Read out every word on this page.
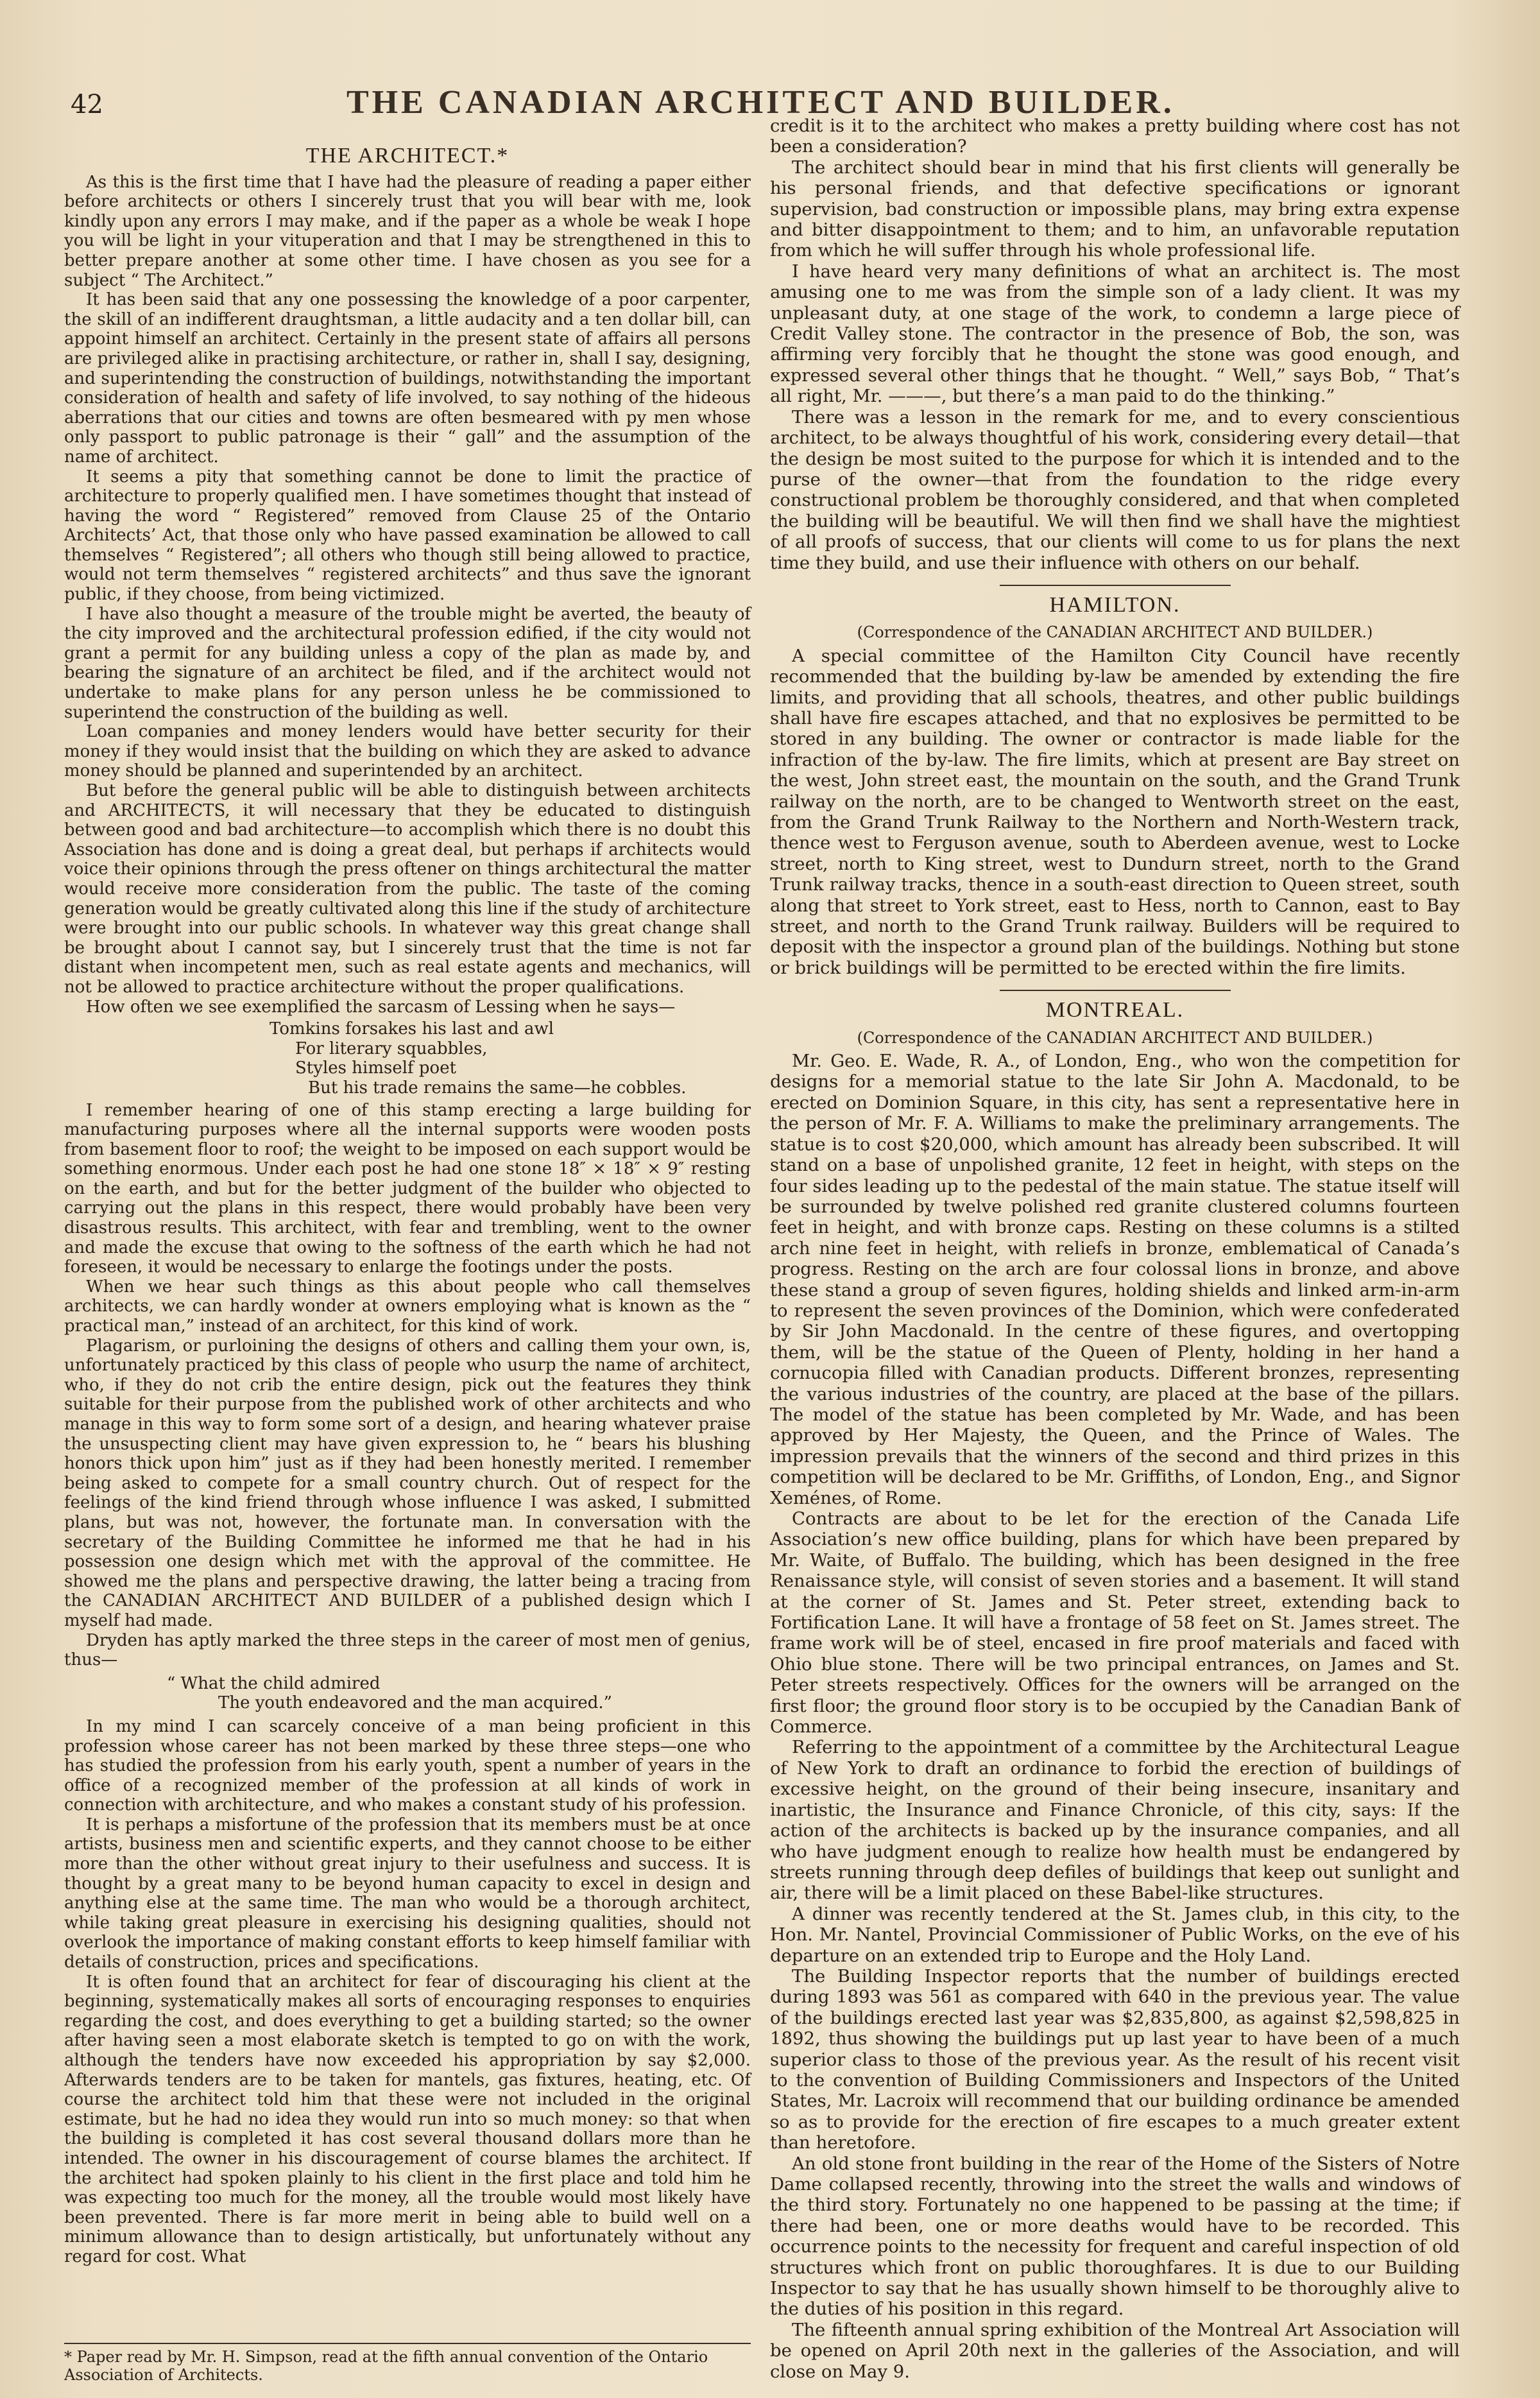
42	THE CANADIAN ARCHITECT AND BUILDER.
THE ARCHITECT.*

As this is the first time that I have had the pleasure of reading a paper either before architects or others I sincerely trust that you will bear with me, look kindly upon any errors I may make, and if the paper as a whole be weak I hope you will be light in your vituperation and that I may be strengthened in this to better prepare another at some other time. I have chosen as you see for a subject “ The Architect.”

It has been said that any one possessing the knowledge of a poor carpenter, the skill of an indifferent draughtsman, a little audacity and a ten dollar bill, can appoint himself an architect. Certainly in the present state of affairs all persons are privileged alike in practising architecture, or rather in, shall I say, designing, and superintending the construction of buildings, notwithstanding the important consideration of health and safety of life involved, to say nothing of the hideous aberrations that our cities and towns are often besmeared with py men whose only passport to public patronage is their “ gall” and the assumption of the name of architect.

It seems a pity that something cannot be done to limit the practice of architecture to properly qualified men. I have sometimes thought that instead of having the word “ Registered” removed from Clause 25 of the Ontario Architects’ Act, that those only who have passed examination be allowed to call themselves “ Registered”; all others who though still being allowed to practice, would not term themselves “ registered architects” and thus save the ignorant public, if they choose, from being victimized.

I have also thought a measure of the trouble might be averted, the beauty of the city improved and the architectural profession edified, if the city would not grant a permit for any building unless a copy of the plan as made by, and bearing the signature of an architect be filed, and if the architect would not undertake to make plans for any person unless he be commissioned to superintend the construction of the building as well.

Loan companies and money lenders would have better security for their money if they would insist that the building on which they are asked to advance money should be planned and superintended by an architect.

But before the general public will be able to distinguish between architects and ARCHITECTS, it will necessary that they be educated to distinguish between good and bad architecture—to accomplish which there is no doubt this Association has done and is doing a great deal, but perhaps if architects would voice their opinions through the press oftener on things architectural the matter would receive more consideration from the public. The taste of the coming generation would be greatly cultivated along this line if the study of architecture were brought into our public schools. In whatever way this great change shall be brought about I cannot say, but I sincerely trust that the time is not far distant when incompetent men, such as real estate agents and mechanics, will not be allowed to practice architecture without the proper qualifications.

How often we see exemplified the sarcasm of Lessing when he says—

Tomkins forsakes his last and awl
For literary squabbles,
Styles himself poet
But his trade remains the same—he cobbles.

I remember hearing of one of this stamp erecting a large building for manufacturing purposes where all the internal supports were wooden posts from basement floor to roof; the weight to be imposed on each support would be something enormous. Under each post he had one stone 18″ × 18″ × 9″ resting on the earth, and but for the better judgment of the builder who objected to carrying out the plans in this respect, there would probably have been very disastrous results. This architect, with fear and trembling, went to the owner and made the excuse that owing to the softness of the earth which he had not foreseen, it would be necessary to enlarge the footings under the posts.

When we hear such things as this about people who call themselves architects, we can hardly wonder at owners employing what is known as the “ practical man,” instead of an architect, for this kind of work.

Plagarism, or purloining the designs of others and calling them your own, is, unfortunately practiced by this class of people who usurp the name of architect, who, if they do not crib the entire design, pick out the features they think suitable for their purpose from the published work of other architects and who manage in this way to form some sort of a design, and hearing whatever praise the unsuspecting client may have given expression to, he “ bears his blushing honors thick upon him” just as if they had been honestly merited. I remember being asked to compete for a small country church. Out of respect for the feelings of the kind friend through whose influence I was asked, I submitted plans, but was not, however, the fortunate man. In conversation with the secretary of the Building Committee he informed me that he had in his possession one design which met with the approval of the committee. He showed me the plans and perspective drawing, the latter being a tracing from the CANADIAN ARCHITECT AND BUILDER of a published design which I myself had made.

Dryden has aptly marked the three steps in the career of most men of genius, thus—

“ What the child admired
The youth endeavored and the man acquired.”

In my mind I can scarcely conceive of a man being proficient in this profession whose career has not been marked by these three steps—one who has studied the profession from his early youth, spent a number of years in the office of a recognized member of the profession at all kinds of work in connection with architecture, and who makes a constant study of his profession.

It is perhaps a misfortune of the profession that its members must be at once artists, business men and scientific experts, and they cannot choose to be either more than the other without great injury to their usefulness and success. It is thought by a great many to be beyond human capacity to excel in design and anything else at the same time. The man who would be a thorough architect, while taking great pleasure in exercising his designing qualities, should not overlook the importance of making constant efforts to keep himself familiar with details of construction, prices and specifications.

It is often found that an architect for fear of discouraging his client at the beginning, systematically makes all sorts of encouraging responses to enquiries regarding the cost, and does everything to get a building started; so the owner after having seen a most elaborate sketch is tempted to go on with the work, although the tenders have now exceeded his appropriation by say $2,000. Afterwards tenders are to be taken for mantels, gas fixtures, heating, etc. Of course the architect told him that these were not included in the original estimate, but he had no idea they would run into so much money: so that when the building is completed it has cost several thousand dollars more than he intended. The owner in his discouragement of course blames the architect. If the architect had spoken plainly to his client in the first place and told him he was expecting too much for the money, all the trouble would most likely have been prevented. There is far more merit in being able to build well on a minimum allowance than to design artistically, but unfortunately without any regard for cost. What

* Paper read by Mr. H. Simpson, read at the fifth annual convention of the Ontario Association of Architects.

credit is it to the architect who makes a pretty building where cost has not been a consideration?

The architect should bear in mind that his first clients will generally be his personal friends, and that defective specifications or ignorant supervision, bad construction or impossible plans, may bring extra expense and bitter disappointment to them; and to him, an unfavorable reputation from which he will suffer through his whole professional life.

I have heard very many definitions of what an architect is. The most amusing one to me was from the simple son of a lady client. It was my unpleasant duty, at one stage of the work, to condemn a large piece of Credit Valley stone. The contractor in the presence of Bob, the son, was affirming very forcibly that he thought the stone was good enough, and expressed several other things that he thought. “ Well,” says Bob, “ That’s all right, Mr. ———, but there’s a man paid to do the thinking.”

There was a lesson in the remark for me, and to every conscientious architect, to be always thoughtful of his work, considering every detail—that the design be most suited to the purpose for which it is intended and to the purse of the owner—that from the foundation to the ridge every constructional problem be thoroughly considered, and that when completed the building will be beautiful. We will then find we shall have the mightiest of all proofs of success, that our clients will come to us for plans the next time they build, and use their influence with others on our behalf.

HAMILTON.
(Correspondence of the CANADIAN ARCHITECT AND BUILDER.)

A special committee of the Hamilton City Council have recently recommended that the building by-law be amended by extending the fire limits, and providing that all schools, theatres, and other public buildings shall have fire escapes attached, and that no explosives be permitted to be stored in any building. The owner or contractor is made liable for the infraction of the by-law. The fire limits, which at present are Bay street on the west, John street east, the mountain on the south, and the Grand Trunk railway on the north, are to be changed to Wentworth street on the east, from the Grand Trunk Railway to the Northern and North-Western track, thence west to Ferguson avenue, south to Aberdeen avenue, west to Locke street, north to King street, west to Dundurn street, north to the Grand Trunk railway tracks, thence in a south-east direction to Queen street, south along that street to York street, east to Hess, north to Cannon, east to Bay street, and north to the Grand Trunk railway. Builders will be required to deposit with the inspector a ground plan of the buildings. Nothing but stone or brick buildings will be permitted to be erected within the fire limits.

MONTREAL.
(Correspondence of the CANADIAN ARCHITECT AND BUILDER.)

Mr. Geo. E. Wade, R. A., of London, Eng., who won the competition for designs for a memorial statue to the late Sir John A. Macdonald, to be erected on Dominion Square, in this city, has sent a representative here in the person of Mr. F. A. Williams to make the preliminary arrangements. The statue is to cost $20,000, which amount has already been subscribed. It will stand on a base of unpolished granite, 12 feet in height, with steps on the four sides leading up to the pedestal of the main statue. The statue itself will be surrounded by twelve polished red granite clustered columns fourteen feet in height, and with bronze caps. Resting on these columns is a stilted arch nine feet in height, with reliefs in bronze, emblematical of Canada’s progress. Resting on the arch are four colossal lions in bronze, and above these stand a group of seven figures, holding shields and linked arm-in-arm to represent the seven provinces of the Dominion, which were confederated by Sir John Macdonald. In the centre of these figures, and overtopping them, will be the statue of the Queen of Plenty, holding in her hand a cornucopia filled with Canadian products. Different bronzes, representing the various industries of the country, are placed at the base of the pillars. The model of the statue has been completed by Mr. Wade, and has been approved by Her Majesty, the Queen, and the Prince of Wales. The impression prevails that the winners of the second and third prizes in this competition will be declared to be Mr. Griffiths, of London, Eng., and Signor Xeménes, of Rome.

Contracts are about to be let for the erection of the Canada Life Association’s new office building, plans for which have been prepared by Mr. Waite, of Buffalo. The building, which has been designed in the free Renaissance style, will consist of seven stories and a basement. It will stand at the corner of St. James and St. Peter street, extending back to Fortification Lane. It will have a frontage of 58 feet on St. James street. The frame work will be of steel, encased in fire proof materials and faced with Ohio blue stone. There will be two principal entrances, on James and St. Peter streets respectively. Offices for the owners will be arranged on the first floor; the ground floor story is to be occupied by the Canadian Bank of Commerce.

Referring to the appointment of a committee by the Architectural League of New York to draft an ordinance to forbid the erection of buildings of excessive height, on the ground of their being insecure, insanitary and inartistic, the Insurance and Finance Chronicle, of this city, says: If the action of the architects is backed up by the insurance companies, and all who have judgment enough to realize how health must be endangered by streets running through deep defiles of buildings that keep out sunlight and air, there will be a limit placed on these Babel-like structures.

A dinner was recently tendered at the St. James club, in this city, to the Hon. Mr. Nantel, Provincial Commissioner of Public Works, on the eve of his departure on an extended trip to Europe and the Holy Land.

The Building Inspector reports that the number of buildings erected during 1893 was 561 as compared with 640 in the previous year. The value of the buildings erected last year was $2,835,800, as against $2,598,825 in 1892, thus showing the buildings put up last year to have been of a much superior class to those of the previous year. As the result of his recent visit to the convention of Building Commissioners and Inspectors of the United States, Mr. Lacroix will recommend that our building ordinance be amended so as to provide for the erection of fire escapes to a much greater extent than heretofore.

An old stone front building in the rear of the Home of the Sisters of Notre Dame collapsed recently, throwing into the street the walls and windows of the third story. Fortunately no one happened to be passing at the time; if there had been, one or more deaths would have to be recorded. This occurrence points to the necessity for frequent and careful inspection of old structures which front on public thoroughfares. It is due to our Building Inspector to say that he has usually shown himself to be thoroughly alive to the duties of his position in this regard.

The fifteenth annual spring exhibition of the Montreal Art Association will be opened on April 20th next in the galleries of the Association, and will close on May 9.
